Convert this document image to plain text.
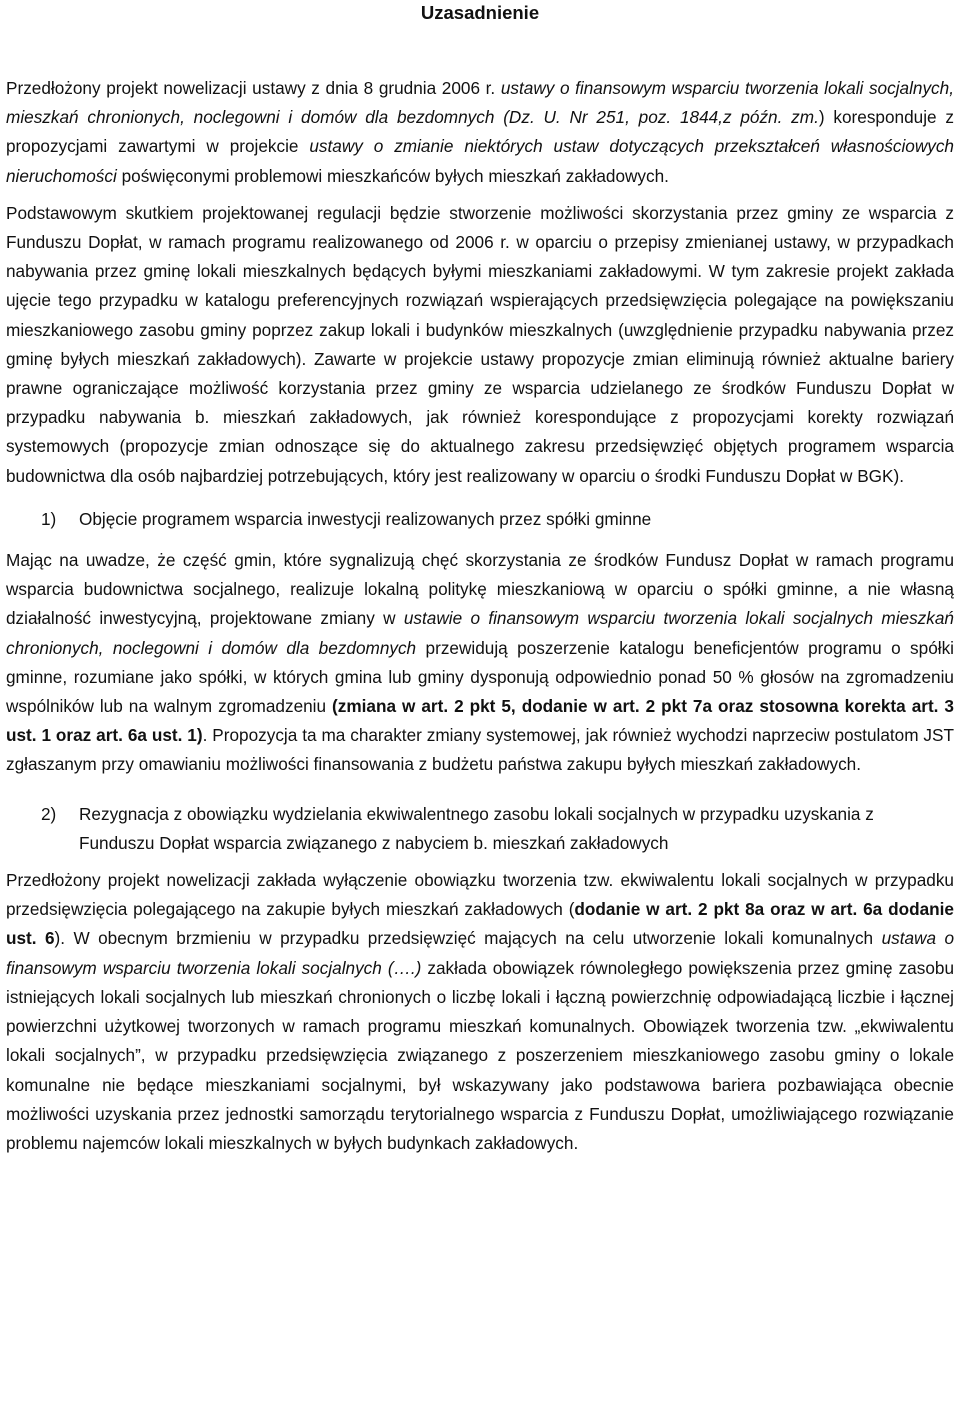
Uzasadnienie

Przedłożony projekt nowelizacji ustawy z dnia 8 grudnia 2006 r. ustawy o finansowym wsparciu tworzenia lokali socjalnych, mieszkań chronionych, noclegowni i domów dla bezdomnych (Dz. U. Nr 251, poz. 1844,z późn. zm.) koresponduje z propozycjami zawartymi w projekcie ustawy o zmianie niektórych ustaw dotyczących przekształceń własnościowych nieruchomości poświęconymi problemowi mieszkańców byłych mieszkań zakładowych.

Podstawowym skutkiem projektowanej regulacji będzie stworzenie możliwości skorzystania przez gminy ze wsparcia z Funduszu Dopłat, w ramach programu realizowanego od 2006 r. w oparciu o przepisy zmienianej ustawy, w przypadkach nabywania przez gminę lokali mieszkalnych będących byłymi mieszkaniami zakładowymi. W tym zakresie projekt zakłada ujęcie tego przypadku w katalogu preferencyjnych rozwiązań wspierających przedsięwzięcia polegające na powiększaniu mieszkaniowego zasobu gminy poprzez zakup lokali i budynków mieszkalnych (uwzględnienie przypadku nabywania przez gminę byłych mieszkań zakładowych). Zawarte w projekcie ustawy propozycje zmian eliminują również aktualne bariery prawne ograniczające możliwość korzystania przez gminy ze wsparcia udzielanego ze środków Funduszu Dopłat w przypadku nabywania b. mieszkań zakładowych, jak również korespondujące z propozycjami korekty rozwiązań systemowych (propozycje zmian odnoszące się do aktualnego zakresu przedsięwzięć objętych programem wsparcia budownictwa dla osób najbardziej potrzebujących, który jest realizowany w oparciu o środki Funduszu Dopłat w BGK).

1)	Objęcie programem wsparcia inwestycji realizowanych przez spółki gminne

Mając na uwadze, że część gmin, które sygnalizują chęć skorzystania ze środków Fundusz Dopłat w ramach programu wsparcia budownictwa socjalnego, realizuje lokalną politykę mieszkaniową w oparciu o spółki gminne, a nie własną działalność inwestycyjną, projektowane zmiany w ustawie o finansowym wsparciu tworzenia lokali socjalnych mieszkań chronionych, noclegowni i domów dla bezdomnych przewidują poszerzenie katalogu beneficjentów programu o spółki gminne, rozumiane jako spółki, w których gmina lub gminy dysponują odpowiednio ponad 50 % głosów na zgromadzeniu wspólników lub na walnym zgromadzeniu (zmiana w art. 2 pkt 5, dodanie w art. 2 pkt 7a oraz stosowna korekta art. 3 ust. 1 oraz art. 6a ust. 1). Propozycja ta ma charakter zmiany systemowej, jak również wychodzi naprzeciw postulatom JST zgłaszanym przy omawianiu możliwości finansowania z budżetu państwa zakupu byłych mieszkań zakładowych.

2)	Rezygnacja z obowiązku wydzielania ekwiwalentnego zasobu lokali socjalnych w przypadku uzyskania z Funduszu Dopłat wsparcia związanego z nabyciem b. mieszkań zakładowych

Przedłożony projekt nowelizacji zakłada wyłączenie obowiązku tworzenia tzw. ekwiwalentu lokali socjalnych w przypadku przedsięwzięcia polegającego na zakupie byłych mieszkań zakładowych (dodanie w art. 2 pkt 8a oraz w art. 6a dodanie ust. 6). W obecnym brzmieniu w przypadku przedsięwzięć mających na celu utworzenie lokali komunalnych ustawa o finansowym wsparciu tworzenia lokali socjalnych (….) zakłada obowiązek równoległego powiększenia przez gminę zasobu istniejących lokali socjalnych lub mieszkań chronionych o liczbę lokali i łączną powierzchnię odpowiadającą liczbie i łącznej powierzchni użytkowej tworzonych w ramach programu mieszkań komunalnych. Obowiązek tworzenia tzw. „ekwiwalentu lokali socjalnych”, w przypadku przedsięwzięcia związanego z poszerzeniem mieszkaniowego zasobu gminy o lokale komunalne nie będące mieszkaniami socjalnymi, był wskazywany jako podstawowa bariera pozbawiająca obecnie możliwości uzyskania przez jednostki samorządu terytorialnego wsparcia z Funduszu Dopłat, umożliwiającego rozwiązanie problemu najemców lokali mieszkalnych w byłych budynkach zakładowych.
